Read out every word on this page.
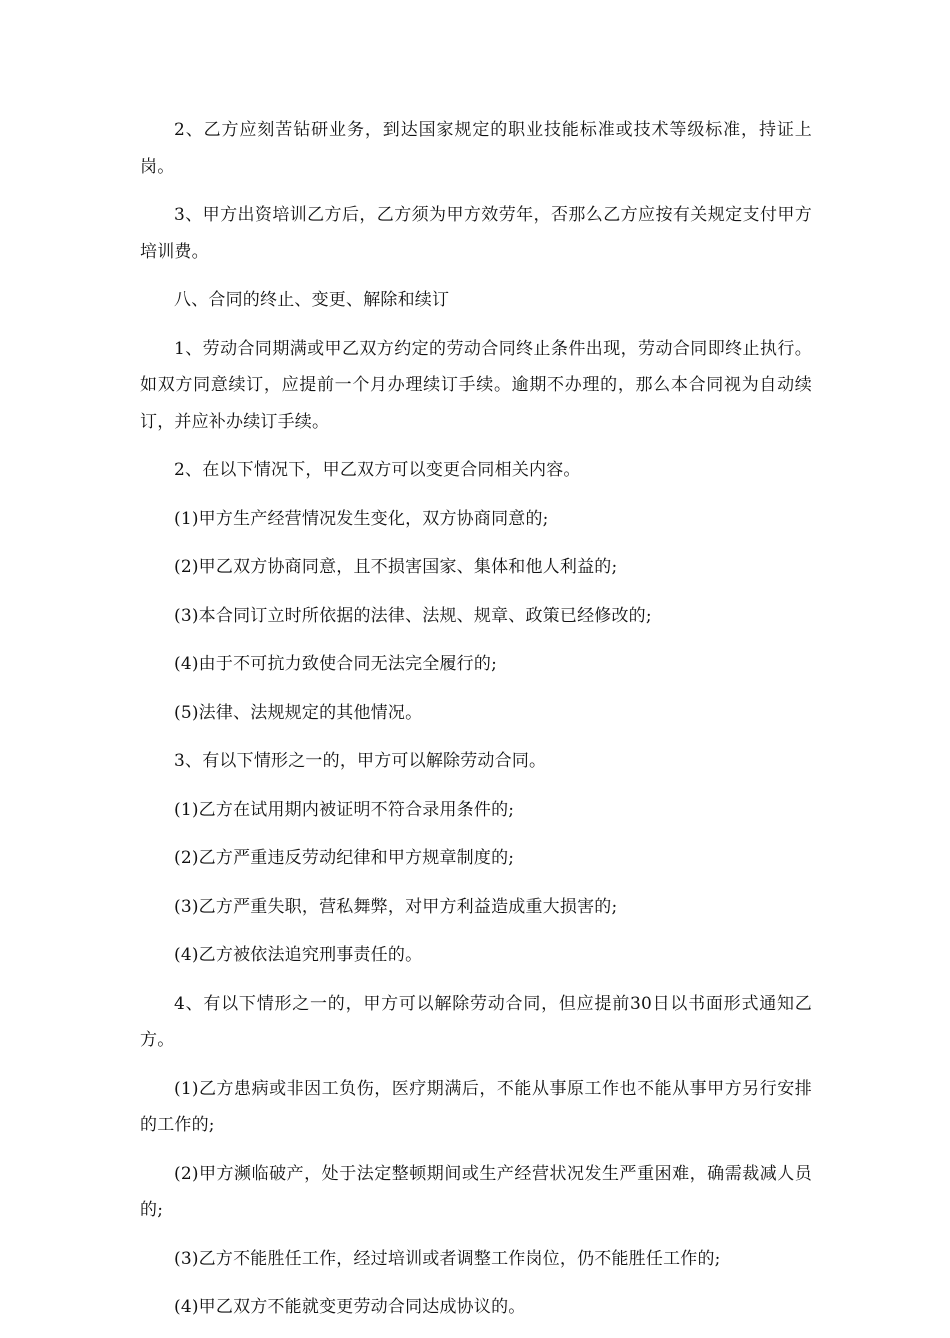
2、乙方应刻苦钻研业务，到达国家规定的职业技能标准或技术等级标准，持证上岗。

3、甲方出资培训乙方后，乙方须为甲方效劳年，否那么乙方应按有关规定支付甲方培训费。

八、合同的终止、变更、解除和续订

1、劳动合同期满或甲乙双方约定的劳动合同终止条件出现，劳动合同即终止执行。如双方同意续订，应提前一个月办理续订手续。逾期不办理的，那么本合同视为自动续订，并应补办续订手续。

2、在以下情况下，甲乙双方可以变更合同相关内容。

(1)甲方生产经营情况发生变化，双方协商同意的;

(2)甲乙双方协商同意，且不损害国家、集体和他人利益的;

(3)本合同订立时所依据的法律、法规、规章、政策已经修改的;

(4)由于不可抗力致使合同无法完全履行的;

(5)法律、法规规定的其他情况。

3、有以下情形之一的，甲方可以解除劳动合同。

(1)乙方在试用期内被证明不符合录用条件的;

(2)乙方严重违反劳动纪律和甲方规章制度的;

(3)乙方严重失职，营私舞弊，对甲方利益造成重大损害的;

(4)乙方被依法追究刑事责任的。

4、有以下情形之一的，甲方可以解除劳动合同，但应提前30日以书面形式通知乙方。

(1)乙方患病或非因工负伤，医疗期满后，不能从事原工作也不能从事甲方另行安排的工作的;

(2)甲方濒临破产，处于法定整顿期间或生产经营状况发生严重困难，确需裁减人员的;

(3)乙方不能胜任工作，经过培训或者调整工作岗位，仍不能胜任工作的;

(4)甲乙双方不能就变更劳动合同达成协议的。
